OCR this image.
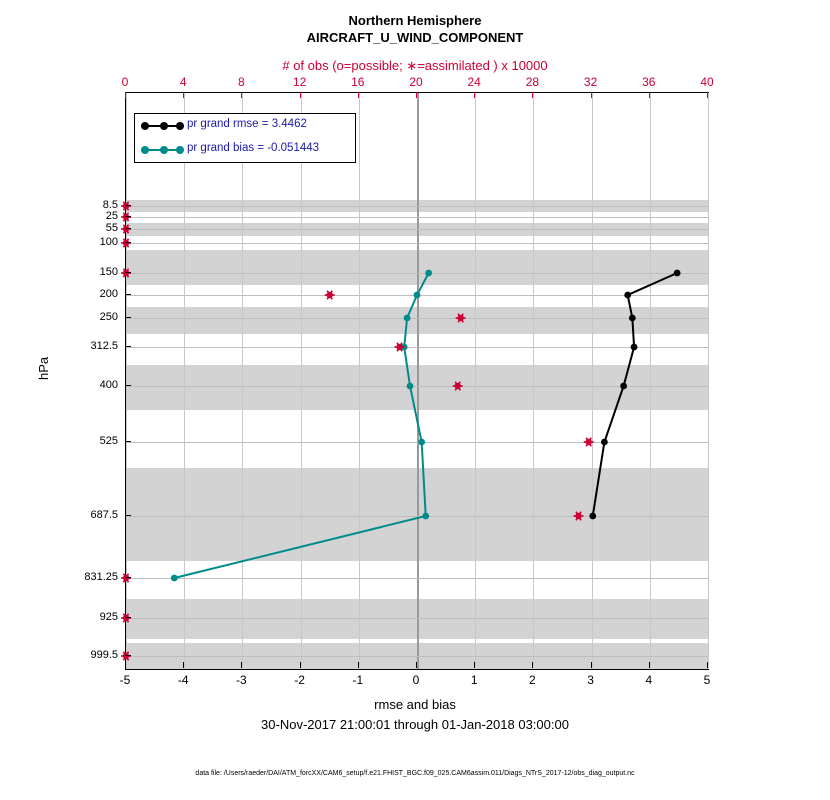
Northern Hemisphere
AIRCRAFT_U_WIND_COMPONENT
# of obs (o=possible; ∗=assimilated ) x 10000
pr grand rmse = 3.4462
pr grand bias = -0.051443
-5	-4	-3	-2	-1	0	1	2	3	4	5
0	4	8	12	16	20	24	28	32	36	40
8.5
25
55
100
150
200
250
312.5
400
525
687.5
831.25
925
999.5
hPa
rmse and bias
30-Nov-2017 21:00:01 through 01-Jan-2018 03:00:00
data file: /Users/raeder/DAI/ATM_forcXX/CAM6_setup/f.e21.FHIST_BGC.f09_025.CAM6assim.011/Diags_NTrS_2017-12/obs_diag_output.nc
